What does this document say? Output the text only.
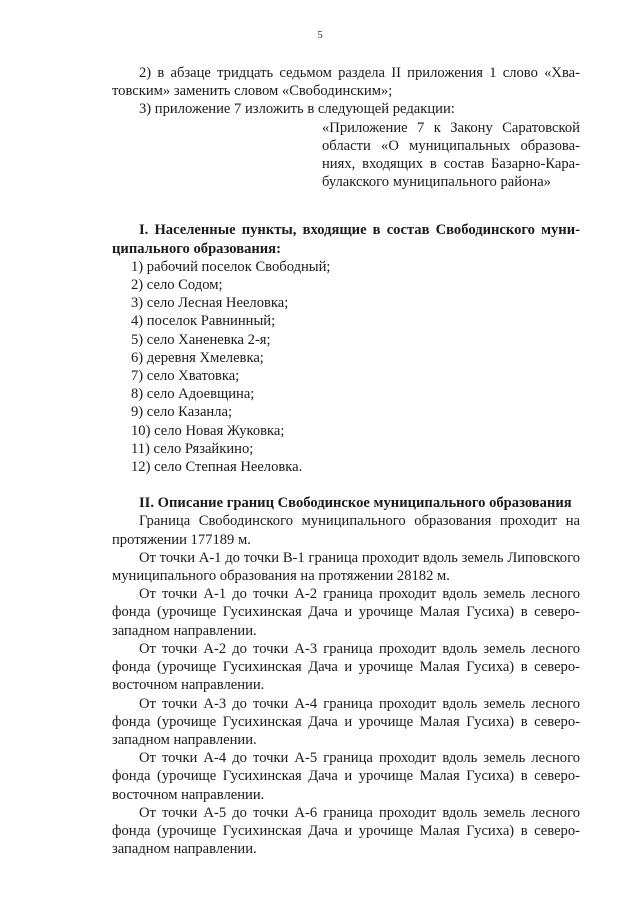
5

2) в абзаце тридцать седьмом раздела II приложения 1 слово «Хватовским» заменить словом «Свободинским»;

3) приложение 7 изложить в следующей редакции:

«Приложение 7 к Закону Саратовской области «О муниципальных образованиях, входящих в состав Базарно-Карабулакского муниципального района»

I. Населенные пункты, входящие в состав Свободинского муниципального образования:

1) рабочий поселок Свободный;
2) село Содом;
3) село Лесная Нееловка;
4) поселок Равнинный;
5) село Ханеневка 2-я;
6) деревня Хмелевка;
7) село Хватовка;
8) село Адоевщина;
9) село Казанла;
10) село Новая Жуковка;
11) село Рязайкино;
12) село Степная Нееловка.

II. Описание границ Свободинское муниципального образования

Граница Свободинского муниципального образования проходит на протяжении 177189 м.

От точки А-1 до точки В-1 граница проходит вдоль земель Липовского муниципального образования на протяжении 28182 м.

От точки А-1 до точки А-2 граница проходит вдоль земель лесного фонда (урочище Гусихинская Дача и урочище Малая Гусиха) в северо-западном направлении.

От точки А-2 до точки А-3 граница проходит вдоль земель лесного фонда (урочище Гусихинская Дача и урочище Малая Гусиха) в северо-восточном направлении.

От точки А-3 до точки А-4 граница проходит вдоль земель лесного фонда (урочище Гусихинская Дача и урочище Малая Гусиха) в северо-западном направлении.

От точки А-4 до точки А-5 граница проходит вдоль земель лесного фонда (урочище Гусихинская Дача и урочище Малая Гусиха) в северо-восточном направлении.

От точки А-5 до точки А-6 граница проходит вдоль земель лесного фонда (урочище Гусихинская Дача и урочище Малая Гусиха) в северо-западном направлении.
